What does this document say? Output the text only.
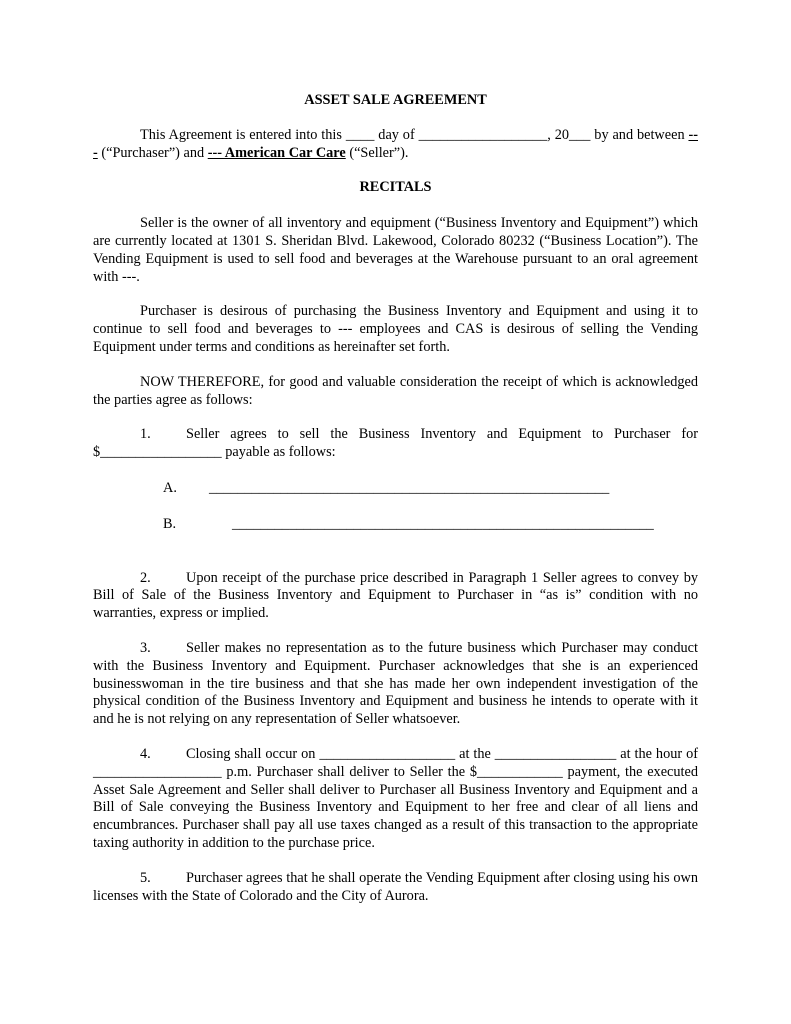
ASSET SALE AGREEMENT

This Agreement is entered into this ____ day of __________________, 20___ by and between --- (“Purchaser”) and --- American Car Care (“Seller”).

RECITALS

Seller is the owner of all inventory and equipment (“Business Inventory and Equipment”) which are currently located at 1301 S. Sheridan Blvd. Lakewood, Colorado 80232 (“Business Location”). The Vending Equipment is used to sell food and beverages at the Warehouse pursuant to an oral agreement with ---.

Purchaser is desirous of purchasing the Business Inventory and Equipment and using it to continue to sell food and beverages to --- employees and CAS is desirous of selling the Vending Equipment under terms and conditions as hereinafter set forth.

NOW THEREFORE, for good and valuable consideration the receipt of which is acknowledged the parties agree as follows:

1. Seller agrees to sell the Business Inventory and Equipment to Purchaser for $_________________ payable as follows:

A. ________________________________________________________

B.	___________________________________________________________

2. Upon receipt of the purchase price described in Paragraph 1 Seller agrees to convey by Bill of Sale of the Business Inventory and Equipment to Purchaser in “as is” condition with no warranties, express or implied.

3. Seller makes no representation as to the future business which Purchaser may conduct with the Business Inventory and Equipment. Purchaser acknowledges that she is an experienced businesswoman in the tire business and that she has made her own independent investigation of the physical condition of the Business Inventory and Equipment and business he intends to operate with it and he is not relying on any representation of Seller whatsoever.

4. Closing shall occur on ___________________ at the _________________ at the hour of __________________ p.m. Purchaser shall deliver to Seller the $____________ payment, the executed Asset Sale Agreement and Seller shall deliver to Purchaser all Business Inventory and Equipment and a Bill of Sale conveying the Business Inventory and Equipment to her free and clear of all liens and encumbrances. Purchaser shall pay all use taxes changed as a result of this transaction to the appropriate taxing authority in addition to the purchase price.

5. Purchaser agrees that he shall operate the Vending Equipment after closing using his own licenses with the State of Colorado and the City of Aurora.
